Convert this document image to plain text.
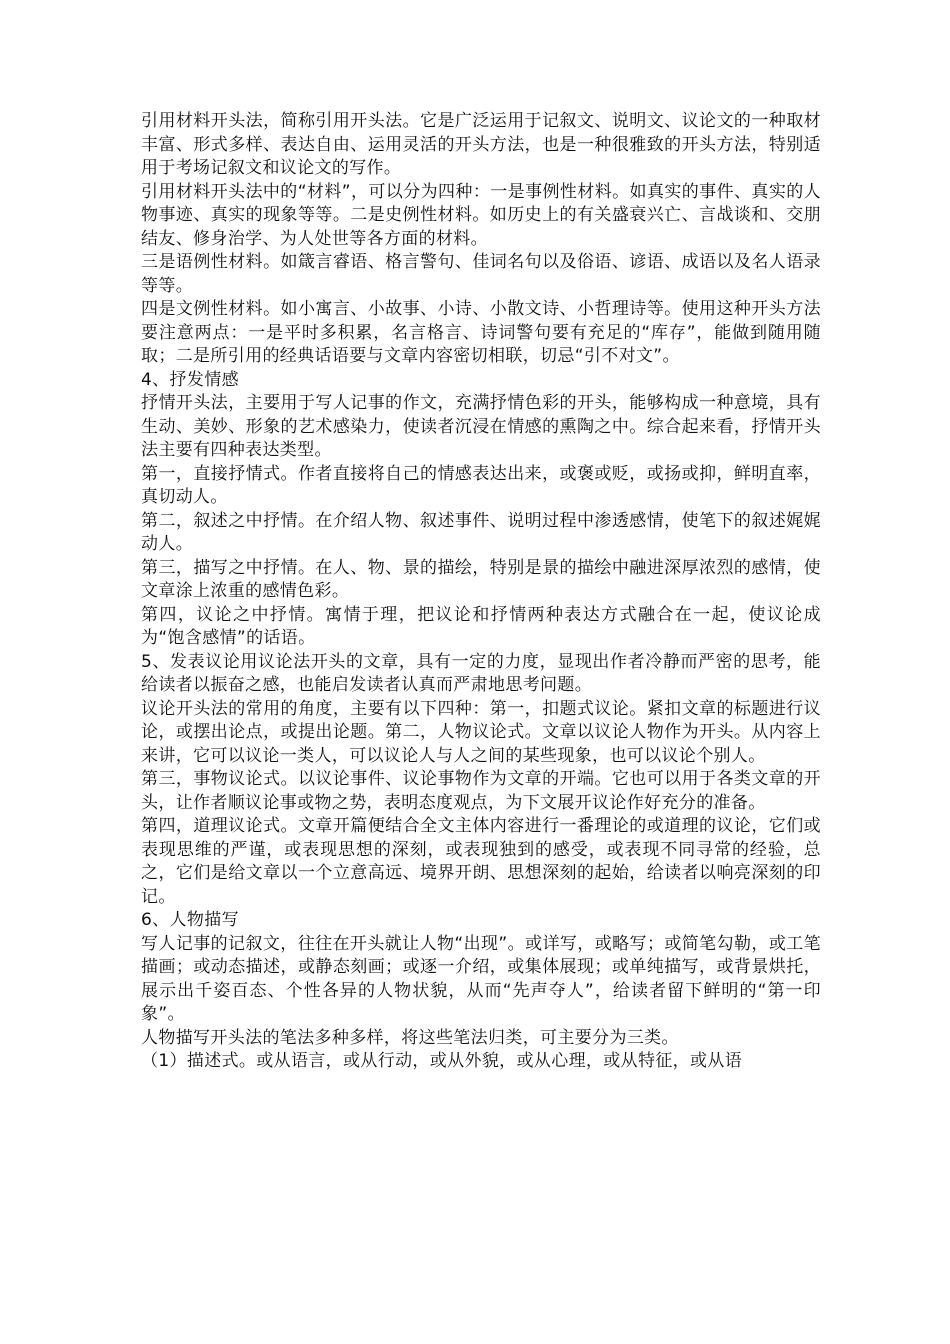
引用材料开头法，简称引用开头法。它是广泛运用于记叙文、说明文、议论文的一种取材丰富、形式多样、表达自由、运用灵活的开头方法，也是一种很雅致的开头方法，特别适用于考场记叙文和议论文的写作。

引用材料开头法中的“材料”，可以分为四种：一是事例性材料。如真实的事件、真实的人物事迹、真实的现象等等。二是史例性材料。如历史上的有关盛衰兴亡、言战谈和、交朋结友、修身治学、为人处世等各方面的材料。

三是语例性材料。如箴言睿语、格言警句、佳词名句以及俗语、谚语、成语以及名人语录等等。

四是文例性材料。如小寓言、小故事、小诗、小散文诗、小哲理诗等。使用这种开头方法要注意两点：一是平时多积累，名言格言、诗词警句要有充足的“库存”，能做到随用随取；二是所引用的经典话语要与文章内容密切相联，切忌“引不对文”。

4、抒发情感

抒情开头法，主要用于写人记事的作文，充满抒情色彩的开头，能够构成一种意境，具有生动、美妙、形象的艺术感染力，使读者沉浸在情感的熏陶之中。综合起来看，抒情开头法主要有四种表达类型。

第一，直接抒情式。作者直接将自己的情感表达出来，或褒或贬，或扬或抑，鲜明直率，真切动人。

第二，叙述之中抒情。在介绍人物、叙述事件、说明过程中渗透感情，使笔下的叙述娓娓动人。

第三，描写之中抒情。在人、物、景的描绘，特别是景的描绘中融进深厚浓烈的感情，使文章涂上浓重的感情色彩。

第四，议论之中抒情。寓情于理，把议论和抒情两种表达方式融合在一起，使议论成为“饱含感情”的话语。

5、发表议论用议论法开头的文章，具有一定的力度，显现出作者冷静而严密的思考，能给读者以振奋之感，也能启发读者认真而严肃地思考问题。

议论开头法的常用的角度，主要有以下四种：第一，扣题式议论。紧扣文章的标题进行议论，或摆出论点，或提出论题。第二，人物议论式。文章以议论人物作为开头。从内容上来讲，它可以议论一类人，可以议论人与人之间的某些现象，也可以议论个别人。

第三，事物议论式。以议论事件、议论事物作为文章的开端。它也可以用于各类文章的开头，让作者顺议论事或物之势，表明态度观点，为下文展开议论作好充分的准备。

第四，道理议论式。文章开篇便结合全文主体内容进行一番理论的或道理的议论，它们或表现思维的严谨，或表现思想的深刻，或表现独到的感受，或表现不同寻常的经验，总之，它们是给文章以一个立意高远、境界开朗、思想深刻的起始，给读者以响亮深刻的印记。

6、人物描写

写人记事的记叙文，往往在开头就让人物“出现”。或详写，或略写；或简笔勾勒，或工笔描画；或动态描述，或静态刻画；或逐一介绍，或集体展现；或单纯描写，或背景烘托，展示出千姿百态、个性各异的人物状貌，从而“先声夺人”，给读者留下鲜明的“第一印象”。

人物描写开头法的笔法多种多样，将这些笔法归类，可主要分为三类。

（1）描述式。或从语言，或从行动，或从外貌，或从心理，或从特征，或从语
